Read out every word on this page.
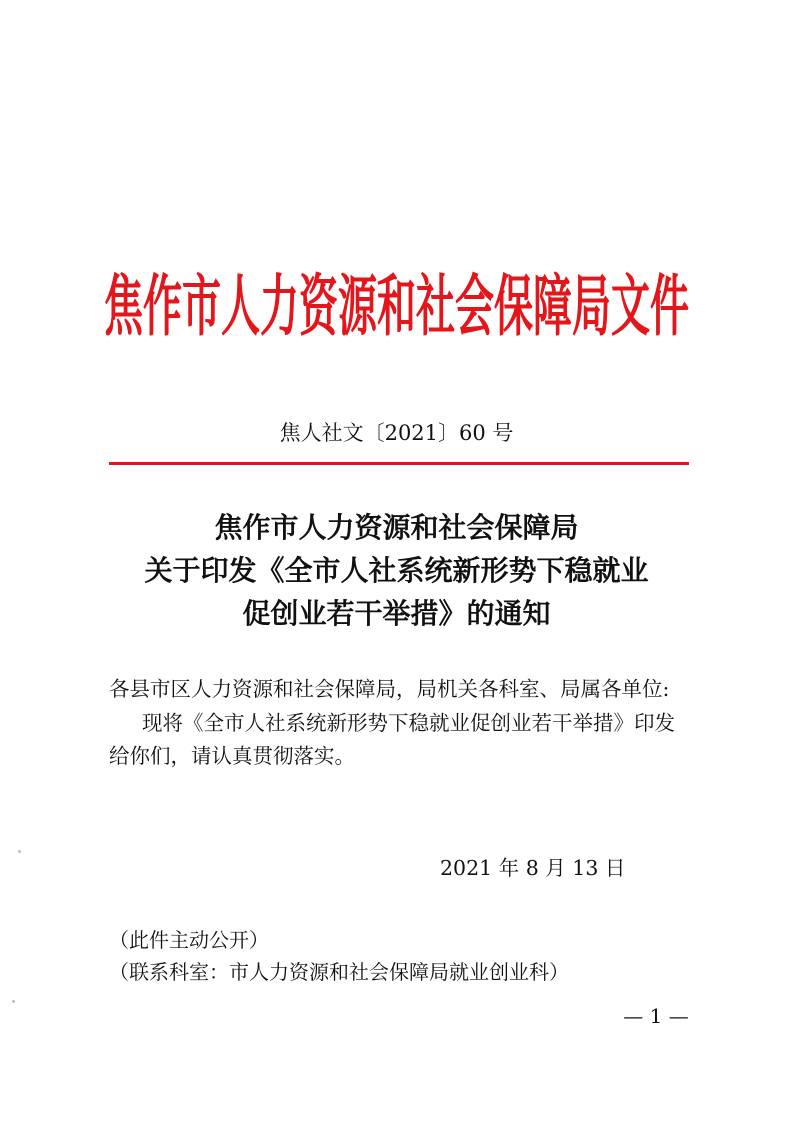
焦作市人力资源和社会保障局文件
焦人社文〔2021〕60 号
焦作市人力资源和社会保障局
关于印发《全市人社系统新形势下稳就业
促创业若干举措》的通知
各县市区人力资源和社会保障局，局机关各科室、局属各单位:
现将《全市人社系统新形势下稳就业促创业若干举措》印发
给你们，请认真贯彻落实。
2021 年 8 月 13 日
（此件主动公开）
（联系科室：市人力资源和社会保障局就业创业科）
— 1 —
